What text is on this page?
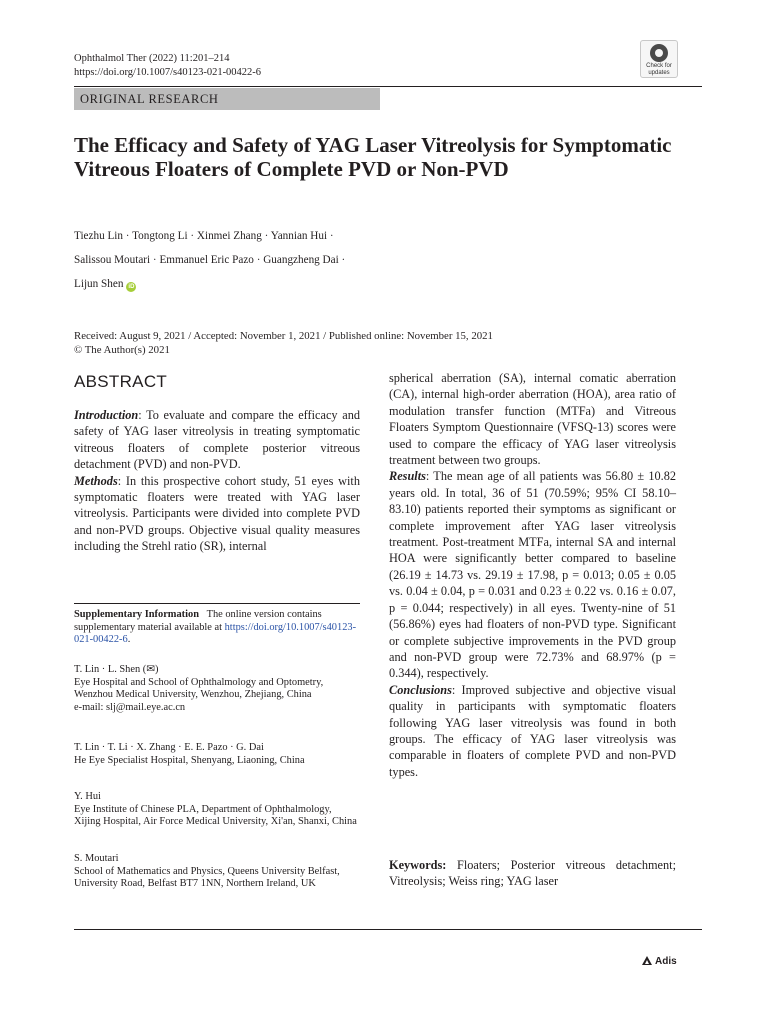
Ophthalmol Ther (2022) 11:201–214
https://doi.org/10.1007/s40123-021-00422-6
Check for updates
ORIGINAL RESEARCH
The Efficacy and Safety of YAG Laser Vitreolysis for Symptomatic Vitreous Floaters of Complete PVD or Non-PVD
Tiezhu Lin · Tongtong Li · Xinmei Zhang · Yannian Hui ·
Salissou Moutari · Emmanuel Eric Pazo · Guangzheng Dai ·
Lijun Shen iD
Received: August 9, 2021 / Accepted: November 1, 2021 / Published online: November 15, 2021
© The Author(s) 2021
ABSTRACT

Introduction: To evaluate and compare the efficacy and safety of YAG laser vitreolysis in treating symptomatic vitreous floaters of complete posterior vitreous detachment (PVD) and non-PVD.

Methods: In this prospective cohort study, 51 eyes with symptomatic floaters were treated with YAG laser vitreolysis. Participants were divided into complete PVD and non-PVD groups. Objective visual quality measures including the Strehl ratio (SR), internal

Supplementary Information The online version contains supplementary material available at https://doi.org/10.1007/s40123-021-00422-6.
T. Lin · L. Shen (✉)
Eye Hospital and School of Ophthalmology and Optometry, Wenzhou Medical University, Wenzhou, Zhejiang, China
e-mail: slj@mail.eye.ac.cn
T. Lin · T. Li · X. Zhang · E. E. Pazo · G. Dai
He Eye Specialist Hospital, Shenyang, Liaoning, China
Y. Hui
Eye Institute of Chinese PLA, Department of Ophthalmology, Xijing Hospital, Air Force Medical University, Xi'an, Shanxi, China
S. Moutari
School of Mathematics and Physics, Queens University Belfast, University Road, Belfast BT7 1NN, Northern Ireland, UK

spherical aberration (SA), internal comatic aberration (CA), internal high-order aberration (HOA), area ratio of modulation transfer function (MTFa) and Vitreous Floaters Symptom Questionnaire (VFSQ-13) scores were used to compare the efficacy of YAG laser vitreolysis treatment between two groups.

Results: The mean age of all patients was 56.80 ± 10.82 years old. In total, 36 of 51 (70.59%; 95% CI 58.10–83.10) patients reported their symptoms as significant or complete improvement after YAG laser vitreolysis treatment. Post-treatment MTFa, internal SA and internal HOA were significantly better compared to baseline (26.19 ± 14.73 vs. 29.19 ± 17.98, p = 0.013; 0.05 ± 0.05 vs. 0.04 ± 0.04, p = 0.031 and 0.23 ± 0.22 vs. 0.16 ± 0.07, p = 0.044; respectively) in all eyes. Twenty-nine of 51 (56.86%) eyes had floaters of non-PVD type. Significant or complete subjective improvements in the PVD group and non-PVD group were 72.73% and 68.97% (p = 0.344), respectively.

Conclusions: Improved subjective and objective visual quality in participants with symptomatic floaters following YAG laser vitreolysis was found in both groups. The efficacy of YAG laser vitreolysis was comparable in floaters of complete PVD and non-PVD types.

Keywords: Floaters; Posterior vitreous detachment; Vitreolysis; Weiss ring; YAG laser
Adis
